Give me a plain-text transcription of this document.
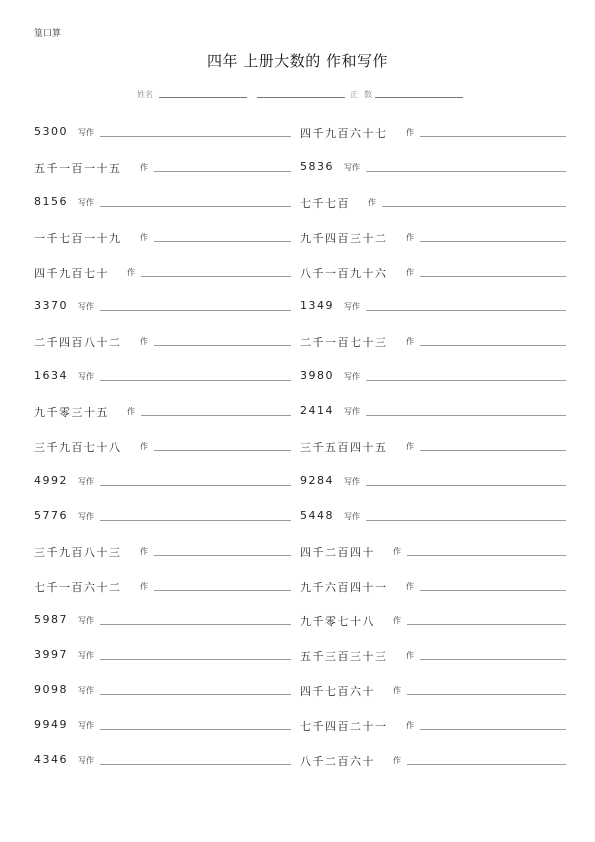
篁口算
四年 上册大数的 作和写作
姓名	正 数
5300 写作	四千九百六十七 作
五千一百一十五 作	5836 写作
8156 写作	七千七百 作
一千七百一十九 作	九千四百三十二 作
四千九百七十 作	八千一百九十六 作
3370 写作	1349 写作
二千四百八十二 作	二千一百七十三 作
1634 写作	3980 写作
九千零三十五 作	2414 写作
三千九百七十八 作	三千五百四十五 作
4992 写作	9284 写作
5776 写作	5448 写作
三千九百八十三 作	四千二百四十 作
七千一百六十二 作	九千六百四十一 作
5987 写作	九千零七十八 作
3997 写作	五千三百三十三 作
9098 写作	四千七百六十 作
9949 写作	七千四百二十一 作
4346 写作	八千二百六十 作
